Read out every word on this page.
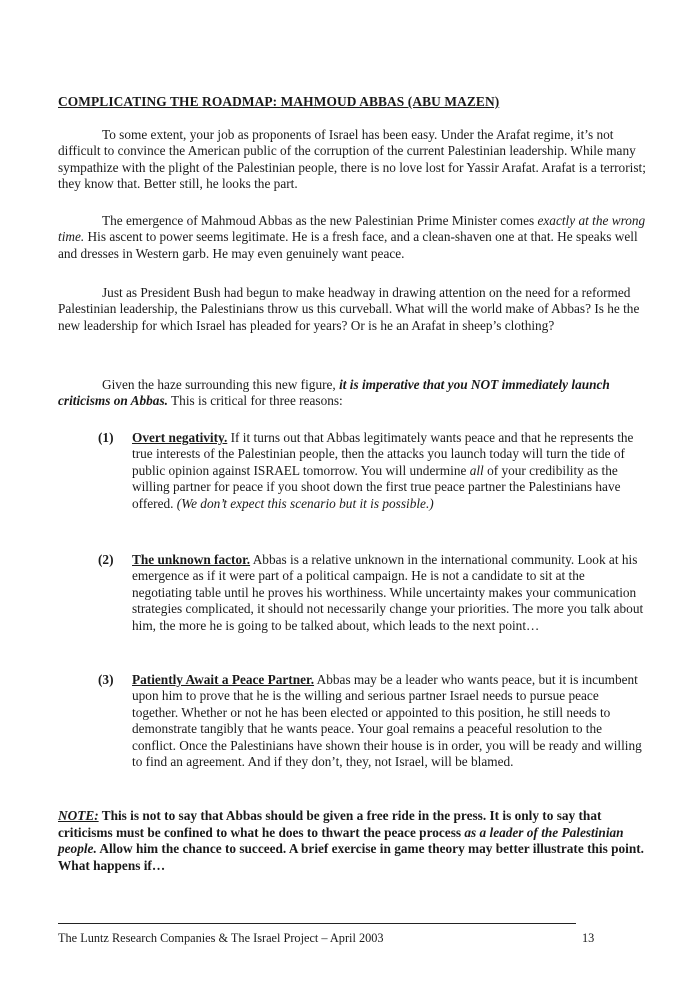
COMPLICATING THE ROADMAP: MAHMOUD ABBAS (ABU MAZEN)
To some extent, your job as proponents of Israel has been easy. Under the Arafat regime, it’s not difficult to convince the American public of the corruption of the current Palestinian leadership. While many sympathize with the plight of the Palestinian people, there is no love lost for Yassir Arafat. Arafat is a terrorist; they know that. Better still, he looks the part.
The emergence of Mahmoud Abbas as the new Palestinian Prime Minister comes exactly at the wrong time. His ascent to power seems legitimate. He is a fresh face, and a clean-shaven one at that. He speaks well and dresses in Western garb. He may even genuinely want peace.
Just as President Bush had begun to make headway in drawing attention on the need for a reformed Palestinian leadership, the Palestinians throw us this curveball. What will the world make of Abbas? Is he the new leadership for which Israel has pleaded for years? Or is he an Arafat in sheep’s clothing?
Given the haze surrounding this new figure, it is imperative that you NOT immediately launch criticisms on Abbas. This is critical for three reasons:
(1) Overt negativity. If it turns out that Abbas legitimately wants peace and that he represents the true interests of the Palestinian people, then the attacks you launch today will turn the tide of public opinion against ISRAEL tomorrow. You will undermine all of your credibility as the willing partner for peace if you shoot down the first true peace partner the Palestinians have offered. (We don’t expect this scenario but it is possible.)
(2) The unknown factor. Abbas is a relative unknown in the international community. Look at his emergence as if it were part of a political campaign. He is not a candidate to sit at the negotiating table until he proves his worthiness. While uncertainty makes your communication strategies complicated, it should not necessarily change your priorities. The more you talk about him, the more he is going to be talked about, which leads to the next point…
(3) Patiently Await a Peace Partner. Abbas may be a leader who wants peace, but it is incumbent upon him to prove that he is the willing and serious partner Israel needs to pursue peace together. Whether or not he has been elected or appointed to this position, he still needs to demonstrate tangibly that he wants peace. Your goal remains a peaceful resolution to the conflict. Once the Palestinians have shown their house is in order, you will be ready and willing to find an agreement. And if they don’t, they, not Israel, will be blamed.
NOTE: This is not to say that Abbas should be given a free ride in the press. It is only to say that criticisms must be confined to what he does to thwart the peace process as a leader of the Palestinian people. Allow him the chance to succeed. A brief exercise in game theory may better illustrate this point. What happens if…
The Luntz Research Companies & The Israel Project – April 2003	13
